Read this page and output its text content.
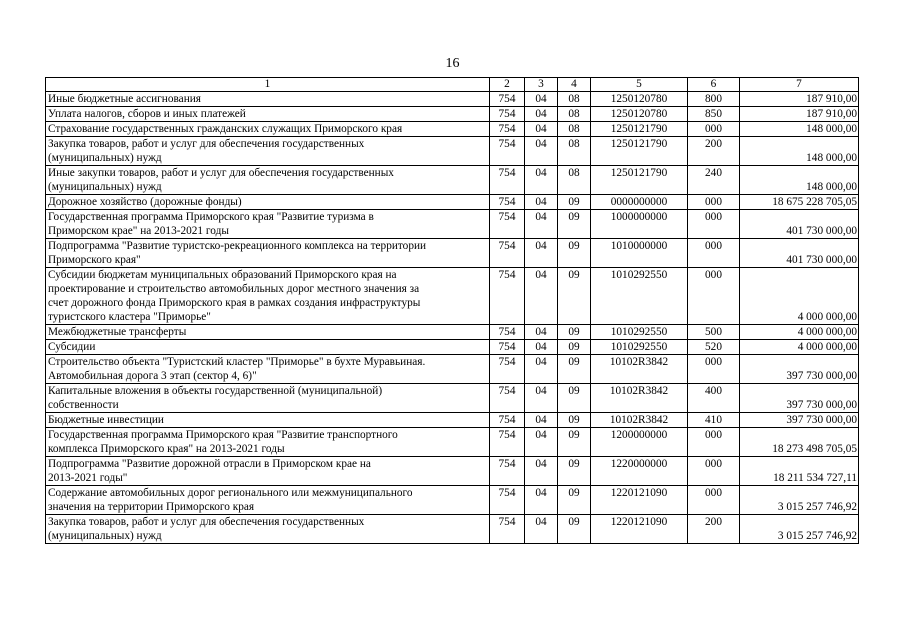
16
1	2	3	4	5	6	7
Иные бюджетные ассигнования	754	04	08	1250120780	800	187 910,00
Уплата налогов, сборов и иных платежей	754	04	08	1250120780	850	187 910,00
Страхование государственных гражданских служащих Приморского края	754	04	08	1250121790	000	148 000,00
Закупка товаров, работ и услуг для обеспечения государственных
(муниципальных) нужд	754	04	08	1250121790	200	148 000,00
Иные закупки товаров, работ и услуг для обеспечения государственных
(муниципальных) нужд	754	04	08	1250121790	240	148 000,00
Дорожное хозяйство (дорожные фонды)	754	04	09	0000000000	000	18 675 228 705,05
Государственная программа Приморского края "Развитие туризма в
Приморском крае" на 2013-2021 годы	754	04	09	1000000000	000	401 730 000,00
Подпрограмма "Развитие туристско-рекреационного комплекса на территории
Приморского края"	754	04	09	1010000000	000	401 730 000,00
Субсидии бюджетам муниципальных образований Приморского края на
проектирование и строительство автомобильных дорог местного значения за
счет дорожного фонда Приморского края в рамках создания инфраструктуры
туристского кластера "Приморье"	754	04	09	1010292550	000	4 000 000,00
Межбюджетные трансферты	754	04	09	1010292550	500	4 000 000,00
Субсидии	754	04	09	1010292550	520	4 000 000,00
Строительство объекта "Туристский кластер "Приморье" в бухте Муравьиная.
Автомобильная дорога 3 этап (сектор 4, 6)"	754	04	09	10102R3842	000	397 730 000,00
Капитальные вложения в объекты государственной (муниципальной)
собственности	754	04	09	10102R3842	400	397 730 000,00
Бюджетные инвестиции	754	04	09	10102R3842	410	397 730 000,00
Государственная программа Приморского края "Развитие транспортного
комплекса Приморского края" на 2013-2021 годы	754	04	09	1200000000	000	18 273 498 705,05
Подпрограмма "Развитие дорожной отрасли в Приморском крае на
2013-2021 годы"	754	04	09	1220000000	000	18 211 534 727,11
Содержание автомобильных дорог регионального или межмуниципального
значения на территории Приморского края	754	04	09	1220121090	000	3 015 257 746,92
Закупка товаров, работ и услуг для обеспечения государственных
(муниципальных) нужд	754	04	09	1220121090	200	3 015 257 746,92
